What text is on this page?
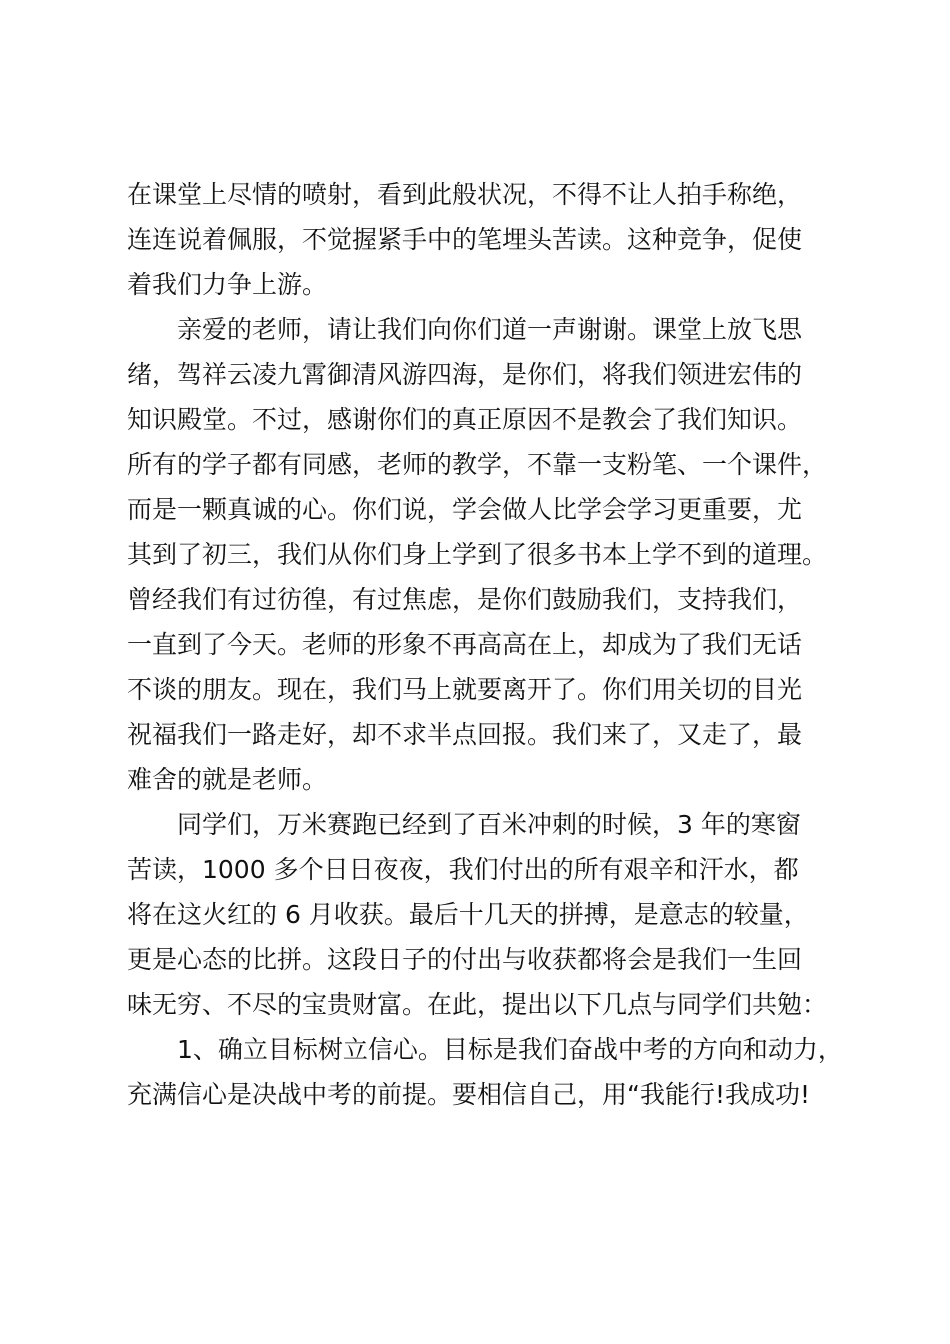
在课堂上尽情的喷射，看到此般状况，不得不让人拍手称绝，
连连说着佩服，不觉握紧手中的笔埋头苦读。这种竞争，促使
着我们力争上游。
亲爱的老师，请让我们向你们道一声谢谢。课堂上放飞思
绪，驾祥云凌九霄御清风游四海，是你们，将我们领进宏伟的
知识殿堂。不过，感谢你们的真正原因不是教会了我们知识。
所有的学子都有同感，老师的教学，不靠一支粉笔、一个课件，
而是一颗真诚的心。你们说，学会做人比学会学习更重要，尤
其到了初三，我们从你们身上学到了很多书本上学不到的道理。
曾经我们有过彷徨，有过焦虑，是你们鼓励我们，支持我们，
一直到了今天。老师的形象不再高高在上，却成为了我们无话
不谈的朋友。现在，我们马上就要离开了。你们用关切的目光
祝福我们一路走好，却不求半点回报。我们来了，又走了，最
难舍的就是老师。
同学们，万米赛跑已经到了百米冲刺的时候，3 年的寒窗
苦读，1000 多个日日夜夜，我们付出的所有艰辛和汗水，都
将在这火红的 6 月收获。最后十几天的拼搏，是意志的较量，
更是心态的比拼。这段日子的付出与收获都将会是我们一生回
味无穷、不尽的宝贵财富。在此，提出以下几点与同学们共勉：
1、确立目标树立信心。目标是我们奋战中考的方向和动力，
充满信心是决战中考的前提。要相信自己，用“我能行!我成功!
